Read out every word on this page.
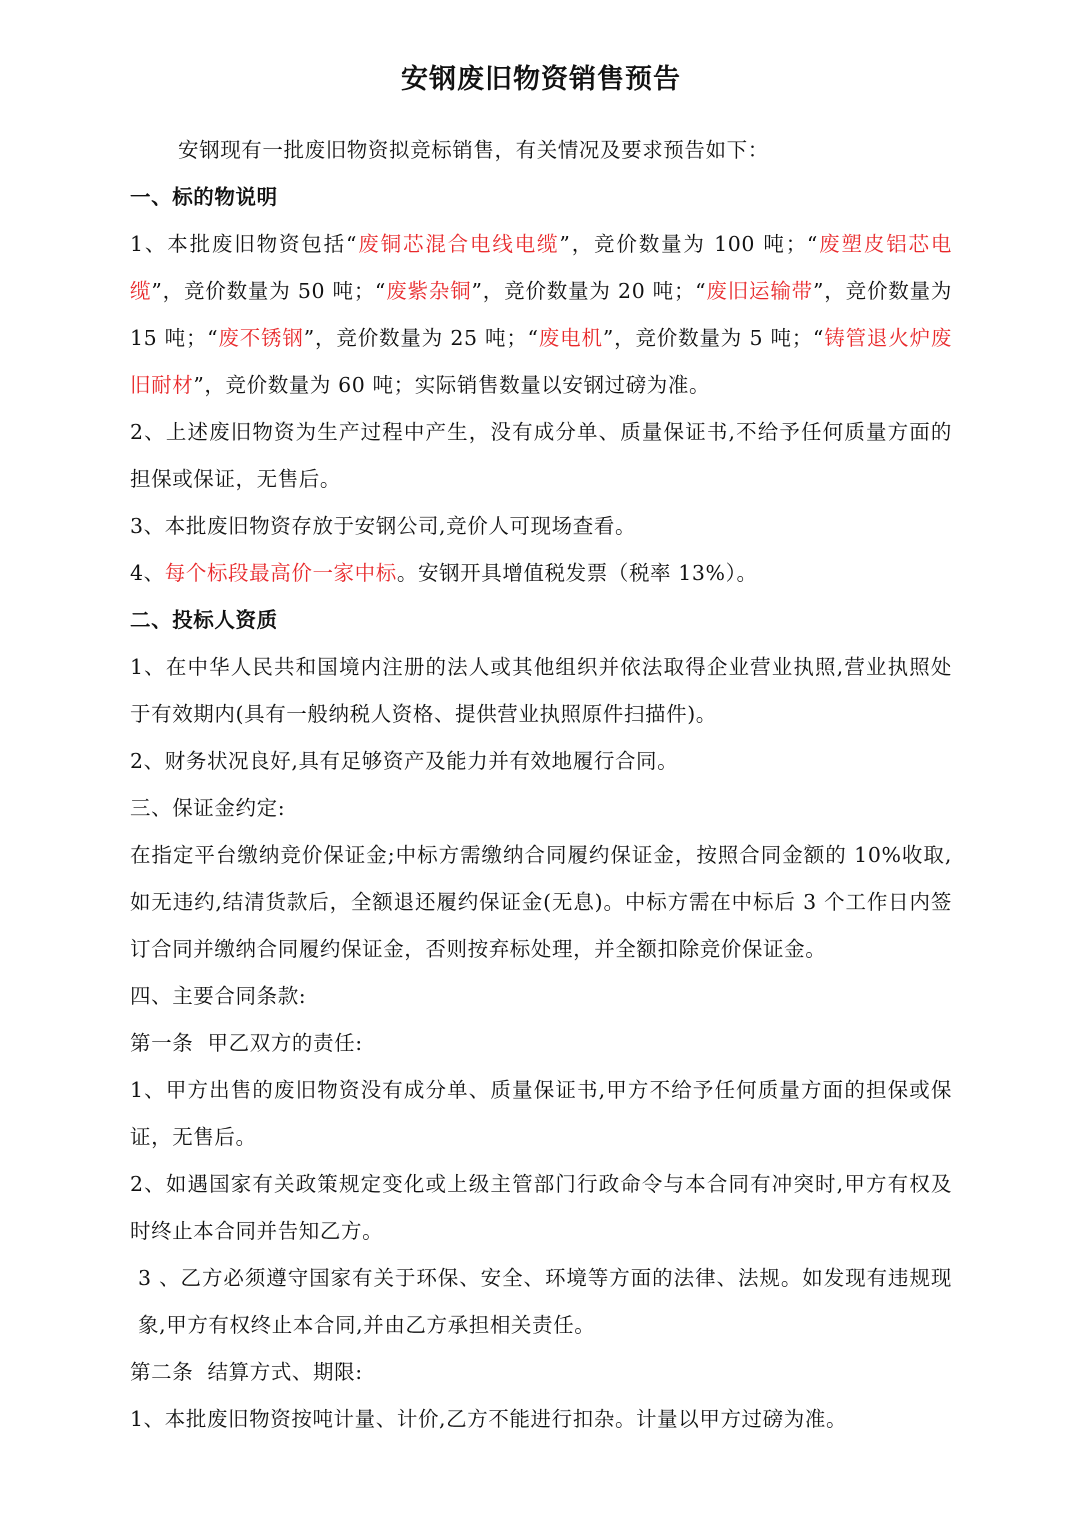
安钢废旧物资销售预告

安钢现有一批废旧物资拟竞标销售，有关情况及要求预告如下：

一、标的物说明

1、本批废旧物资包括“废铜芯混合电线电缆”，竞价数量为 100 吨；“废塑皮铝芯电缆”，竞价数量为 50 吨；“废紫杂铜”，竞价数量为 20 吨；“废旧运输带”，竞价数量为 15 吨；“废不锈钢”，竞价数量为 25 吨；“废电机”，竞价数量为 5 吨；“铸管退火炉废旧耐材”，竞价数量为 60 吨；实际销售数量以安钢过磅为准。

2、上述废旧物资为生产过程中产生，没有成分单、质量保证书,不给予任何质量方面的担保或保证，无售后。

3、本批废旧物资存放于安钢公司,竞价人可现场查看。

4、每个标段最高价一家中标。安钢开具增值税发票（税率 13%）。

二、投标人资质

1、在中华人民共和国境内注册的法人或其他组织并依法取得企业营业执照,营业执照处于有效期内(具有一般纳税人资格、提供营业执照原件扫描件)。

2、财务状况良好,具有足够资产及能力并有效地履行合同。

三、保证金约定:

在指定平台缴纳竞价保证金;中标方需缴纳合同履约保证金，按照合同金额的 10%收取,如无违约,结清货款后，全额退还履约保证金(无息)。中标方需在中标后 3 个工作日内签订合同并缴纳合同履约保证金，否则按弃标处理，并全额扣除竞价保证金。

四、主要合同条款:

第一条  甲乙双方的责任:

1、甲方出售的废旧物资没有成分单、质量保证书,甲方不给予任何质量方面的担保或保证，无售后。

2、如遇国家有关政策规定变化或上级主管部门行政命令与本合同有冲突时,甲方有权及时终止本合同并告知乙方。

3 、乙方必须遵守国家有关于环保、安全、环境等方面的法律、法规。如发现有违规现象,甲方有权终止本合同,并由乙方承担相关责任。

第二条  结算方式、期限:

1、本批废旧物资按吨计量、计价,乙方不能进行扣杂。计量以甲方过磅为准。
